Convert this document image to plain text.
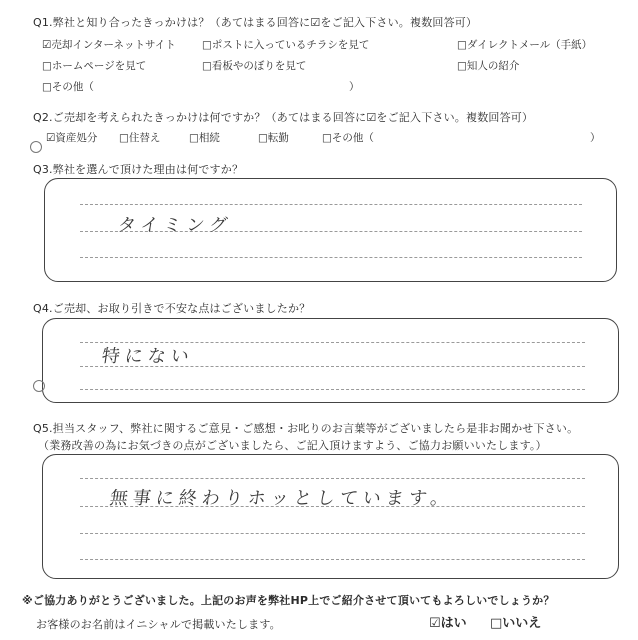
Q1.弊社と知り合ったきっかけは？（あてはまる回答に☑をご記入下さい。複数回答可）
☑売却インターネットサイト	□ポストに入っているチラシを見て	□ダイレクトメール（手紙）
□ホームページを見て	□看板やのぼりを見て	□知人の紹介
□その他（	）
Q2.ご売却を考えられたきっかけは何ですか？（あてはまる回答に☑をご記入下さい。複数回答可）
☑資産処分 □住替え	□相続	□転勤	□その他（	）
Q3.弊社を選んで頂けた理由は何ですか？
タイミング
Q4.ご売却、お取り引きで不安な点はございましたか？
特にない
Q5.担当スタッフ、弊社に関するご意見・ご感想・お叱りのお言葉等がございましたら是非お聞かせ下さい。
（業務改善の為にお気づきの点がございましたら、ご記入頂けますよう、ご協力お願いいたします。）
無事に終わりホッとしています。
※ご協力ありがとうございました。上記のお声を弊社HP上でご紹介させて頂いてもよろしいでしょうか？
お客様のお名前はイニシャルで掲載いたします。	☑はい □いいえ
